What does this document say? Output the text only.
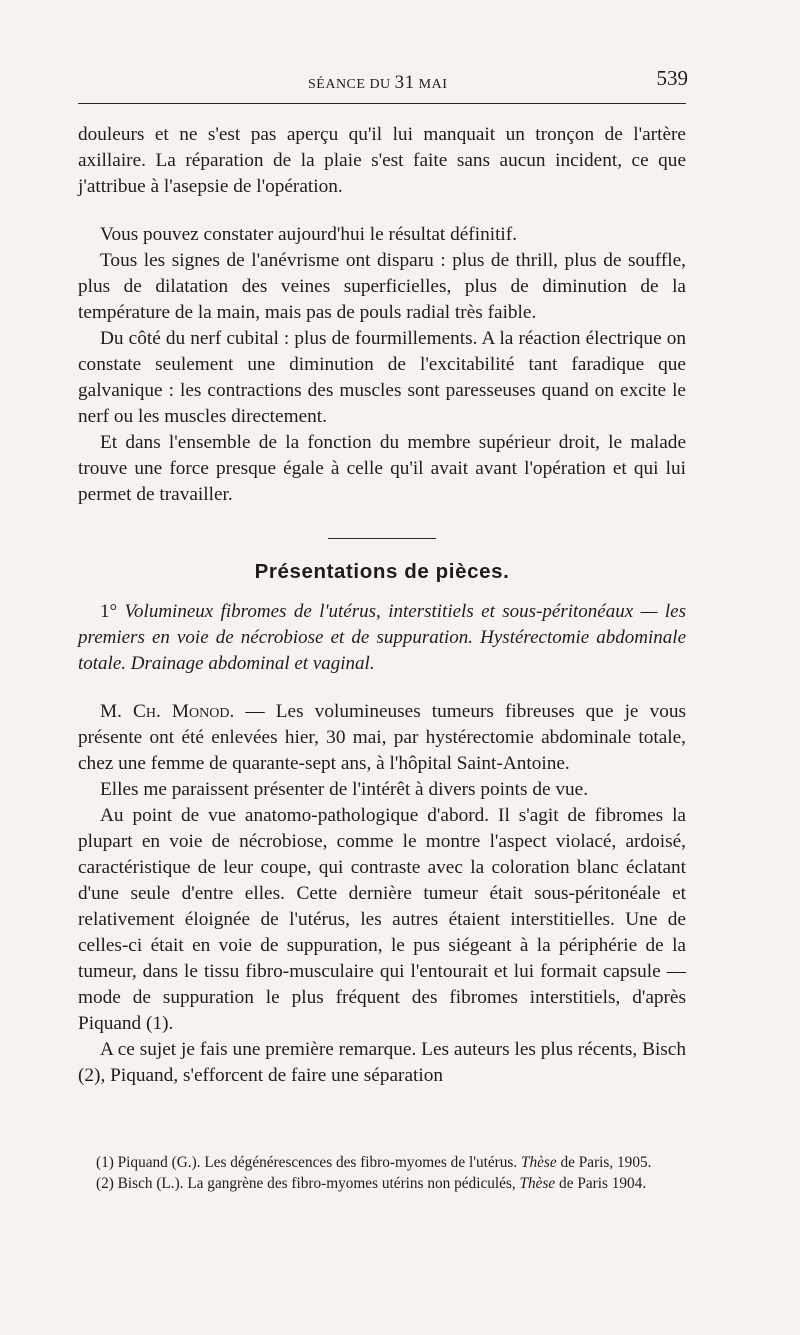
SÉANCE DU 31 MAI	539

douleurs et ne s'est pas aperçu qu'il lui manquait un tronçon de l'artère axillaire. La réparation de la plaie s'est faite sans aucun incident, ce que j'attribue à l'asepsie de l'opération.

Vous pouvez constater aujourd'hui le résultat définitif.

Tous les signes de l'anévrisme ont disparu : plus de thrill, plus de souffle, plus de dilatation des veines superficielles, plus de diminution de la température de la main, mais pas de pouls radial très faible.

Du côté du nerf cubital : plus de fourmillements. A la réaction électrique on constate seulement une diminution de l'excitabilité tant faradique que galvanique : les contractions des muscles sont paresseuses quand on excite le nerf ou les muscles directement.

Et dans l'ensemble de la fonction du membre supérieur droit, le malade trouve une force presque égale à celle qu'il avait avant l'opération et qui lui permet de travailler.

Présentations de pièces.

1° Volumineux fibromes de l'utérus, interstitiels et sous-péritonéaux — les premiers en voie de nécrobiose et de suppuration. Hystérectomie abdominale totale. Drainage abdominal et vaginal.

M. Ch. Monod. — Les volumineuses tumeurs fibreuses que je vous présente ont été enlevées hier, 30 mai, par hystérectomie abdominale totale, chez une femme de quarante-sept ans, à l'hôpital Saint-Antoine.

Elles me paraissent présenter de l'intérêt à divers points de vue.

Au point de vue anatomo-pathologique d'abord. Il s'agit de fibromes la plupart en voie de nécrobiose, comme le montre l'aspect violacé, ardoisé, caractéristique de leur coupe, qui contraste avec la coloration blanc éclatant d'une seule d'entre elles. Cette dernière tumeur était sous-péritonéale et relativement éloignée de l'utérus, les autres étaient interstitielles. Une de celles-ci était en voie de suppuration, le pus siégeant à la périphérie de la tumeur, dans le tissu fibro-musculaire qui l'entourait et lui formait capsule — mode de suppuration le plus fréquent des fibromes interstitiels, d'après Piquand (1).

A ce sujet je fais une première remarque. Les auteurs les plus récents, Bisch (2), Piquand, s'efforcent de faire une séparation

(1) Piquand (G.). Les dégénérescences des fibro-myomes de l'utérus. Thèse de Paris, 1905.

(2) Bisch (L.). La gangrène des fibro-myomes utérins non pédiculés, Thèse de Paris 1904.
